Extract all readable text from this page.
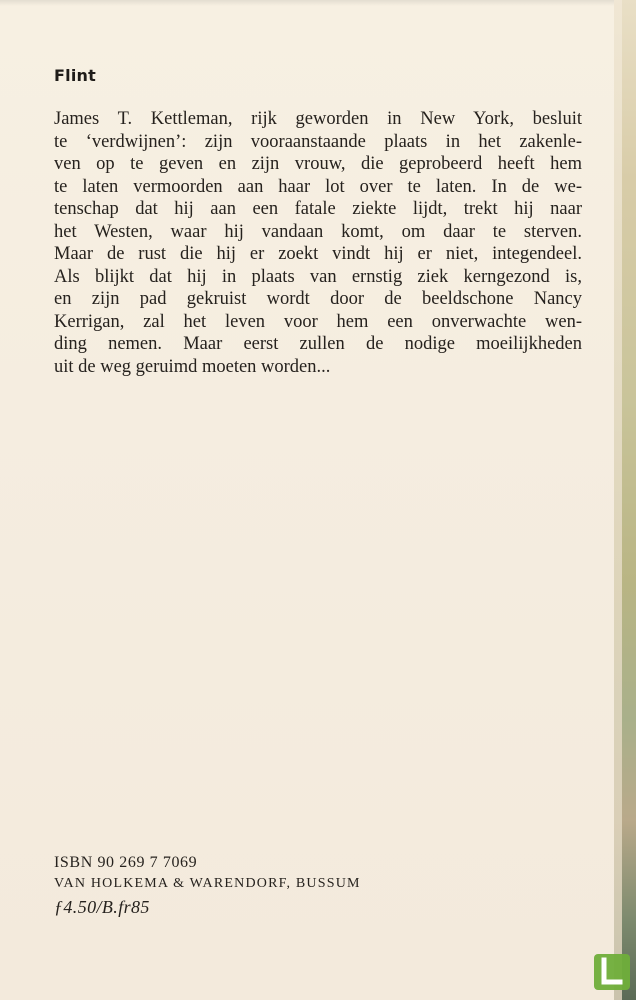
Flint
James T. Kettleman, rijk geworden in New York, besluit
te ‘verdwijnen’: zijn vooraanstaande plaats in het zakenle-
ven op te geven en zijn vrouw, die geprobeerd heeft hem
te laten vermoorden aan haar lot over te laten. In de we-
tenschap dat hij aan een fatale ziekte lijdt, trekt hij naar
het Westen, waar hij vandaan komt, om daar te sterven.
Maar de rust die hij er zoekt vindt hij er niet, integendeel.
Als blijkt dat hij in plaats van ernstig ziek kerngezond is,
en zijn pad gekruist wordt door de beeldschone Nancy
Kerrigan, zal het leven voor hem een onverwachte wen-
ding nemen. Maar eerst zullen de nodige moeilijkheden
uit de weg geruimd moeten worden...
ISBN 90 269 7 7069
VAN HOLKEMA & WARENDORF, BUSSUM
ƒ4.50/B.fr85
